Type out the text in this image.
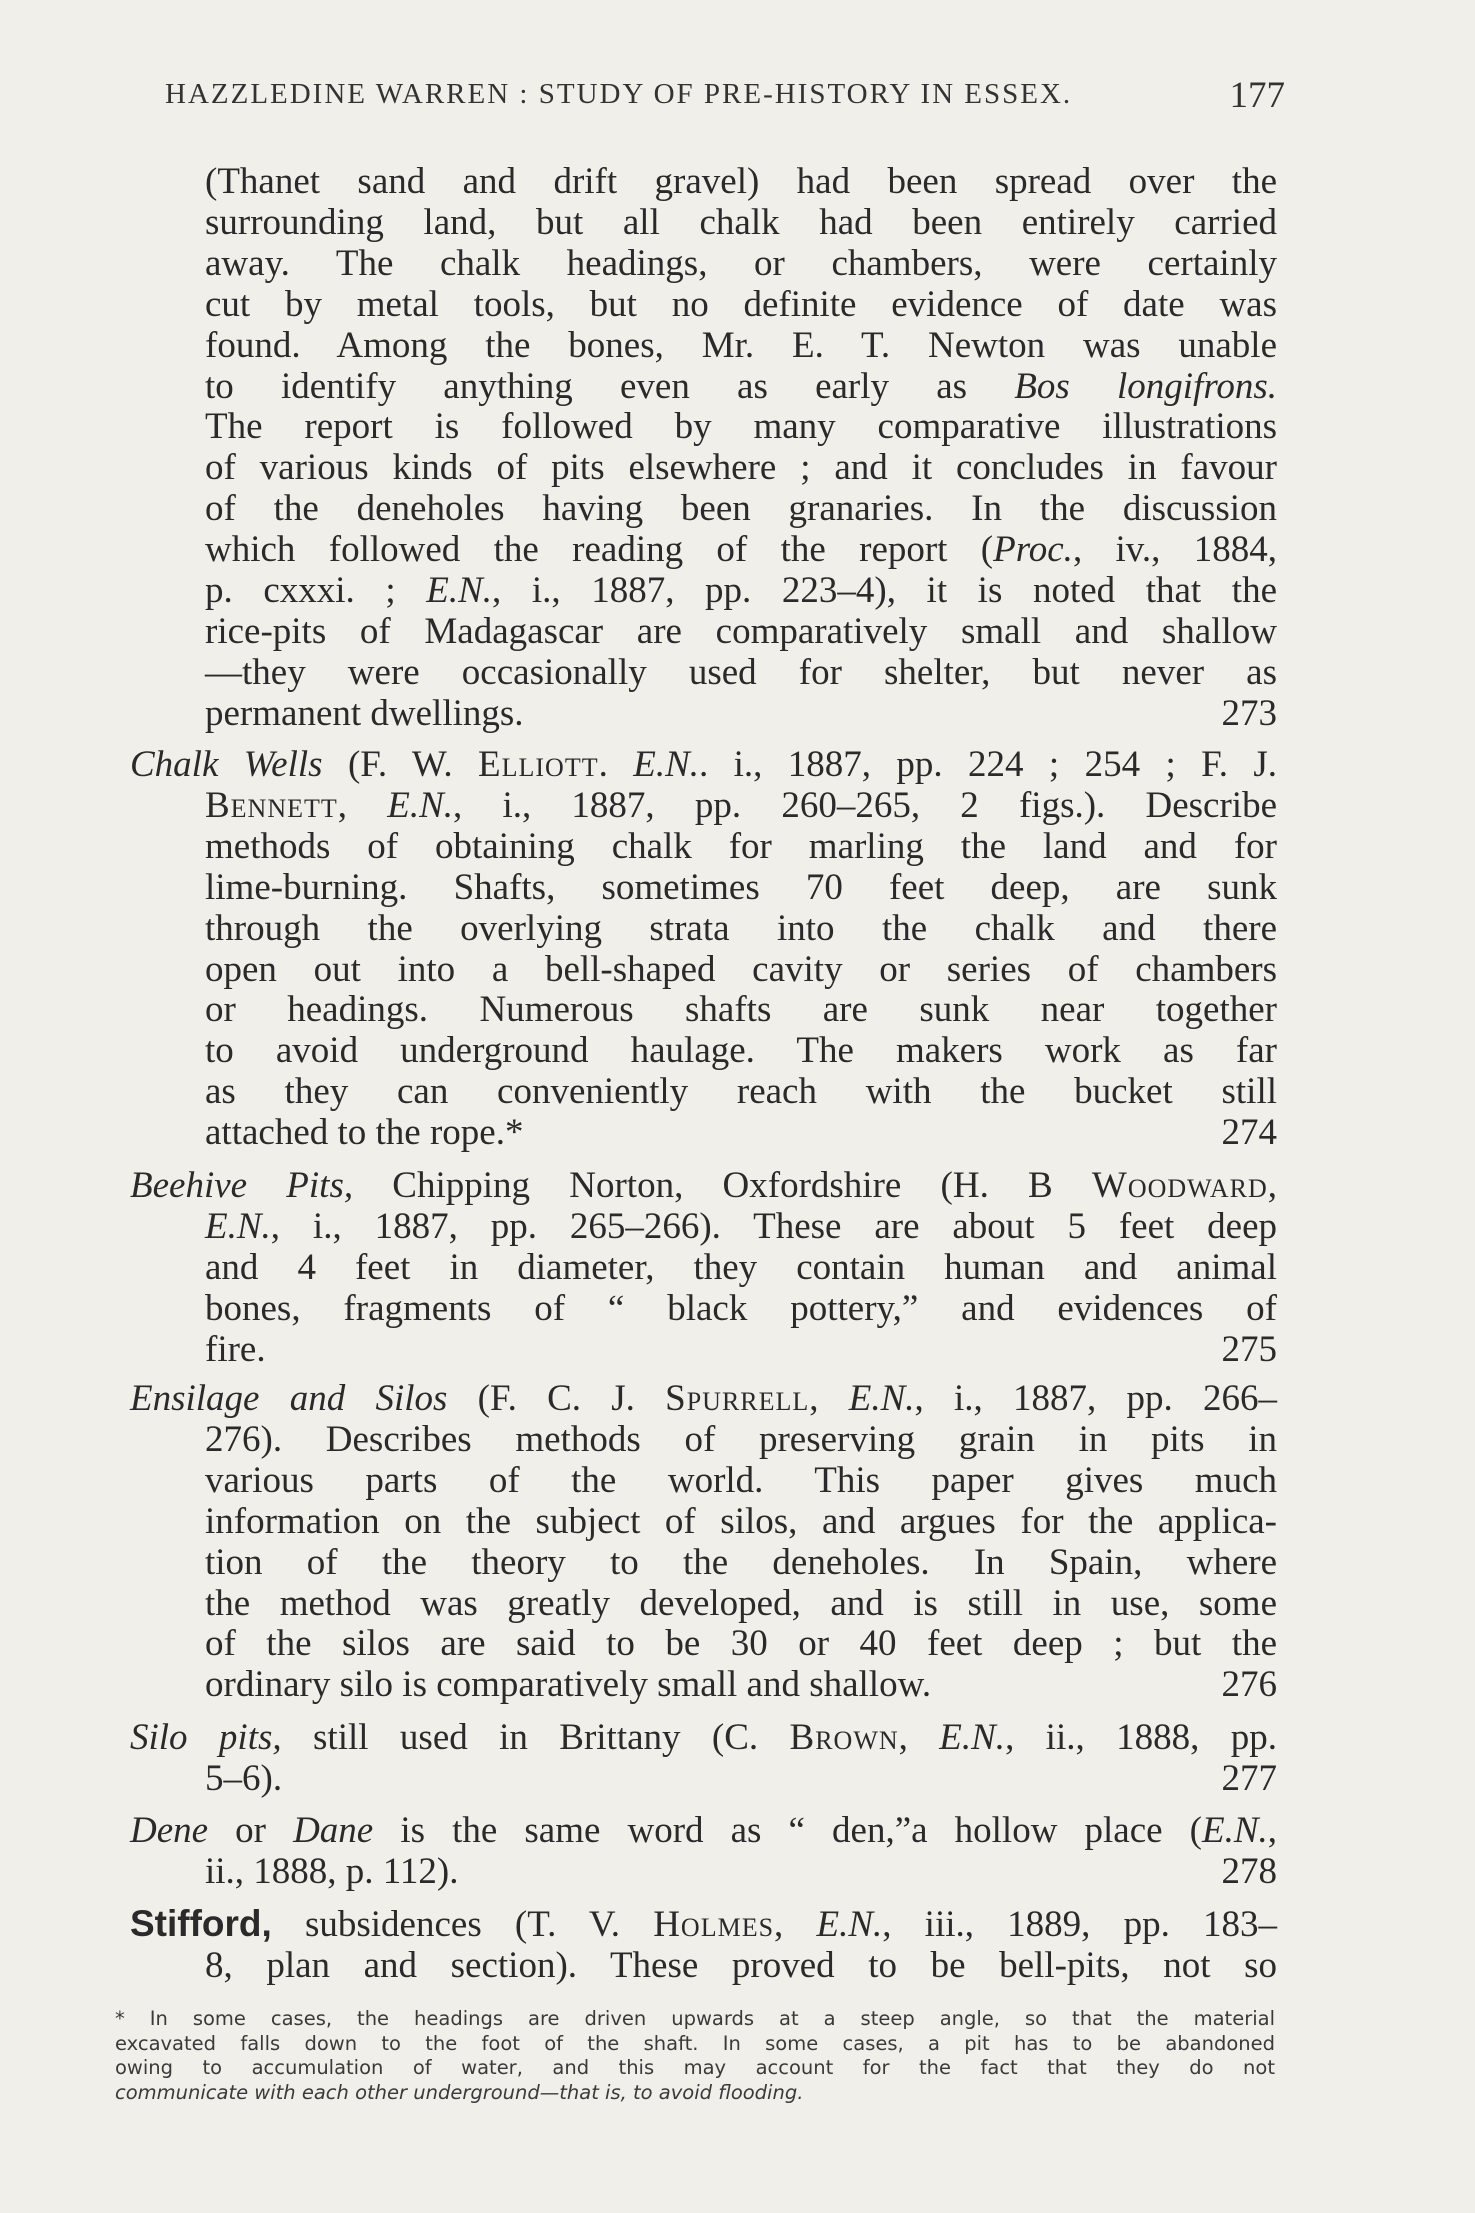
HAZZLEDINE WARREN : STUDY OF PRE-HISTORY IN ESSEX.	177
(Thanet sand and drift gravel) had been spread over the
surrounding land, but all chalk had been entirely carried
away. The chalk headings, or chambers, were certainly
cut by metal tools, but no definite evidence of date was
found. Among the bones, Mr. E. T. Newton was unable
to identify anything even as early as Bos longifrons.
The report is followed by many comparative illustrations
of various kinds of pits elsewhere ; and it concludes in favour
of the deneholes having been granaries. In the discussion
which followed the reading of the report (Proc., iv., 1884,
p. cxxxi. ; E.N., i., 1887, pp. 223–4), it is noted that the
rice-pits of Madagascar are comparatively small and shallow
—they were occasionally used for shelter, but never as
permanent dwellings.	273
Chalk Wells (F. W. Elliott. E.N.. i., 1887, pp. 224 ; 254 ; F. J.
Bennett, E.N., i., 1887, pp. 260–265, 2 figs.). Describe
methods of obtaining chalk for marling the land and for
lime-burning. Shafts, sometimes 70 feet deep, are sunk
through the overlying strata into the chalk and there
open out into a bell-shaped cavity or series of chambers
or headings. Numerous shafts are sunk near together
to avoid underground haulage. The makers work as far
as they can conveniently reach with the bucket still
attached to the rope.*	274
Beehive Pits, Chipping Norton, Oxfordshire (H. B Woodward,
E.N., i., 1887, pp. 265–266). These are about 5 feet deep
and 4 feet in diameter, they contain human and animal
bones, fragments of “ black pottery,” and evidences of
fire.	275
Ensilage and Silos (F. C. J. Spurrell, E.N., i., 1887, pp. 266–
276). Describes methods of preserving grain in pits in
various parts of the world. This paper gives much
information on the subject of silos, and argues for the applica-
tion of the theory to the deneholes. In Spain, where
the method was greatly developed, and is still in use, some
of the silos are said to be 30 or 40 feet deep ; but the
ordinary silo is comparatively small and shallow.	276
Silo pits, still used in Brittany (C. Brown, E.N., ii., 1888, pp.
5–6).	277
Dene or Dane is the same word as “ den,”a hollow place (E.N.,
ii., 1888, p. 112).	278
Stifford, subsidences (T. V. Holmes, E.N., iii., 1889, pp. 183–
8, plan and section). These proved to be bell-pits, not so
* In some cases, the headings are driven upwards at a steep angle, so that the material
excavated falls down to the foot of the shaft. In some cases, a pit has to be abandoned
owing to accumulation of water, and this may account for the fact that they do not
communicate with each other underground—that is, to avoid flooding.
